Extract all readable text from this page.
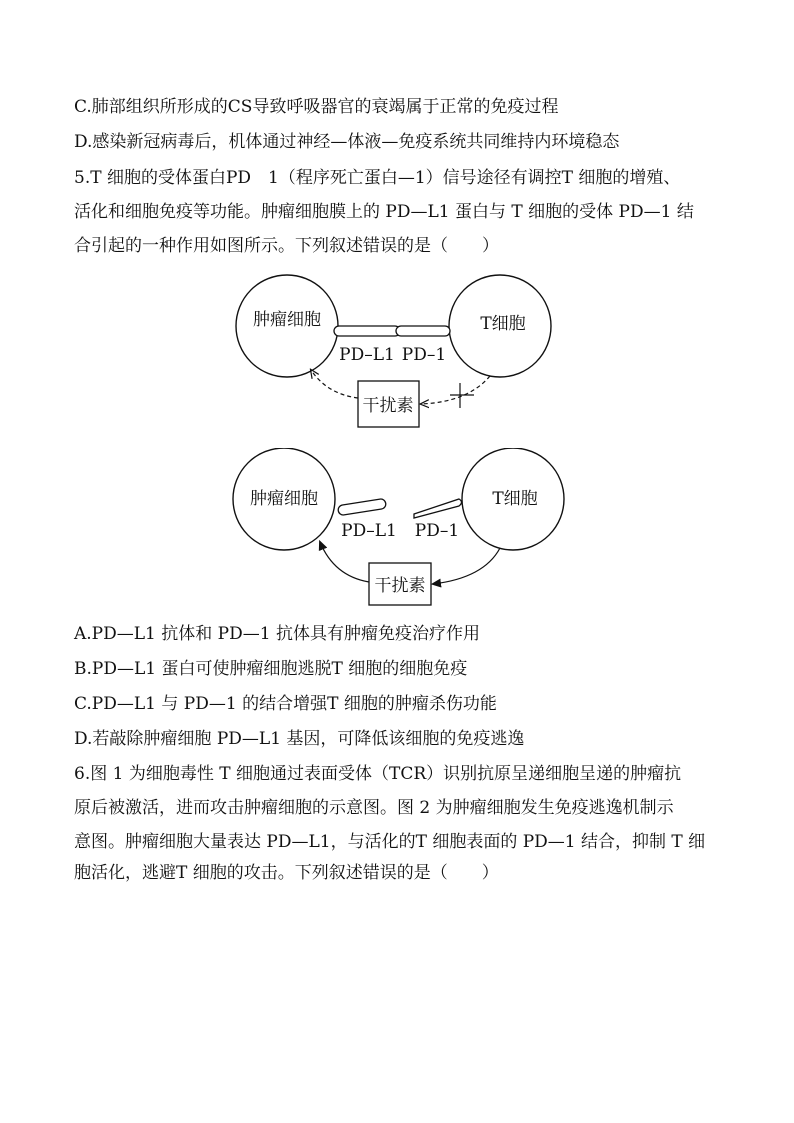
C.肺部组织所形成的CS导致呼吸器官的衰竭属于正常的免疫过程
D.感染新冠病毒后，机体通过神经—体液—免疫系统共同维持内环境稳态
5.T 细胞的受体蛋白PD　1（程序死亡蛋白—1）信号途径有调控T 细胞的增殖、
活化和细胞免疫等功能。肿瘤细胞膜上的 PD—L1 蛋白与 T 细胞的受体 PD—1 结
合引起的一种作用如图所示。下列叙述错误的是（　　）
肿瘤细胞	T细胞
PD–L1 PD–1
干扰素
肿瘤细胞	T细胞
PD–L1 PD–1
干扰素
A.PD—L1 抗体和 PD—1 抗体具有肿瘤免疫治疗作用
B.PD—L1 蛋白可使肿瘤细胞逃脱T 细胞的细胞免疫
C.PD—L1 与 PD—1 的结合增强T 细胞的肿瘤杀伤功能
D.若敲除肿瘤细胞 PD—L1 基因，可降低该细胞的免疫逃逸
6.图 1 为细胞毒性 T 细胞通过表面受体（TCR）识别抗原呈递细胞呈递的肿瘤抗
原后被激活，进而攻击肿瘤细胞的示意图。图 2 为肿瘤细胞发生免疫逃逸机制示
意图。肿瘤细胞大量表达 PD—L1，与活化的T 细胞表面的 PD—1 结合，抑制 T 细
胞活化，逃避T 细胞的攻击。下列叙述错误的是（　　）
